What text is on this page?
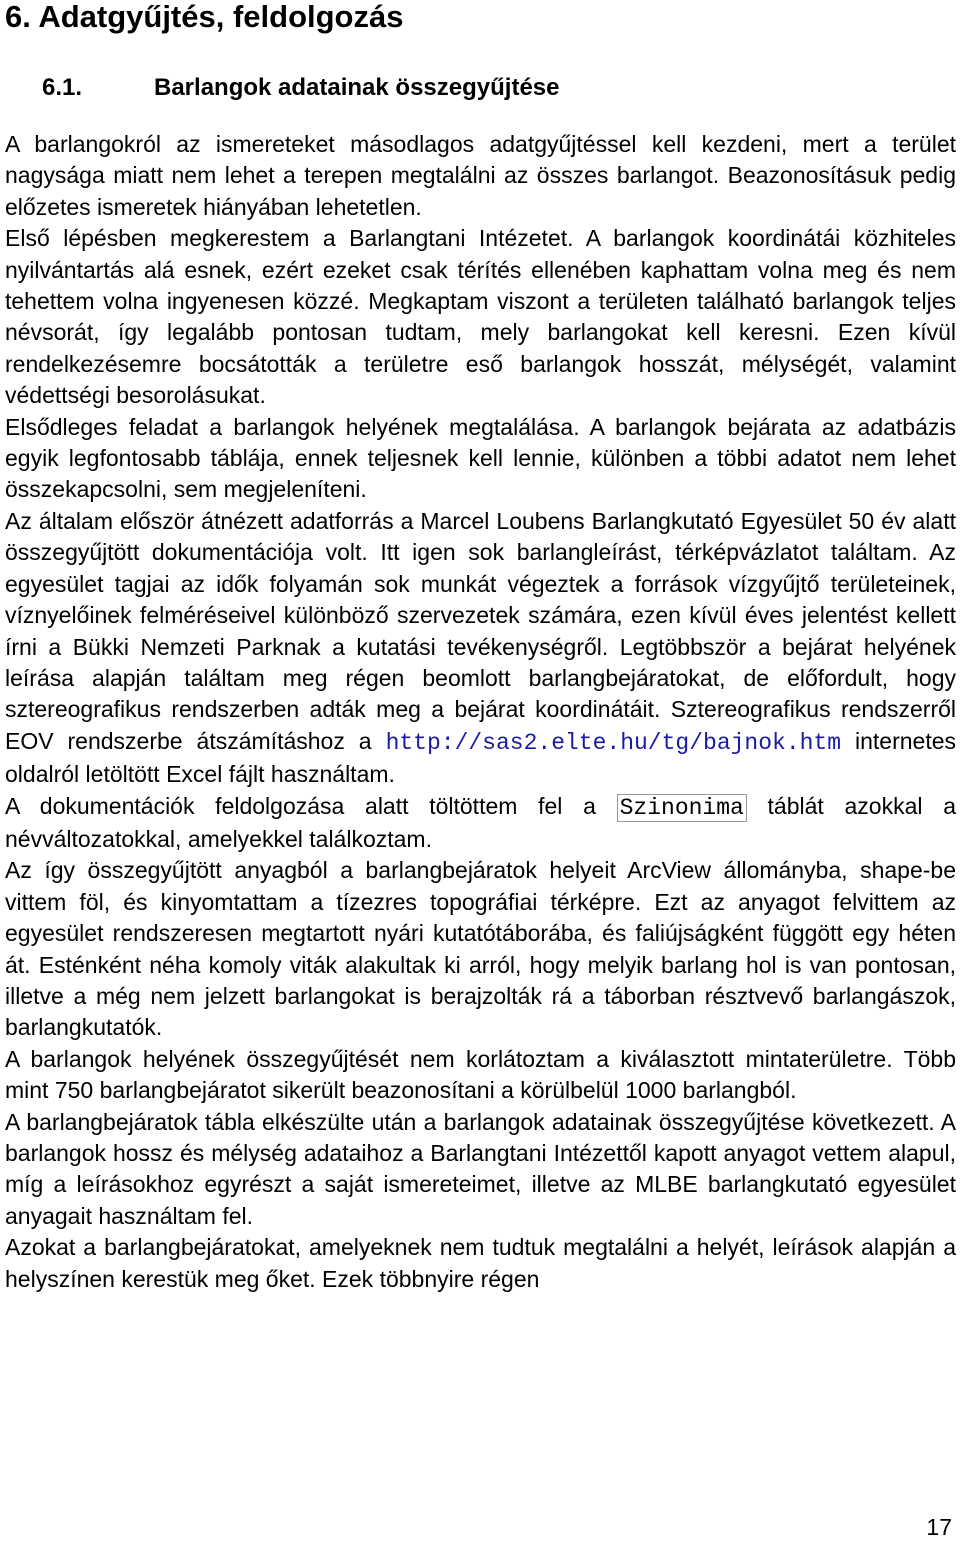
6. Adatgyűjtés, feldolgozás
6.1.	Barlangok adatainak összegyűjtése

A barlangokról az ismereteket másodlagos adatgyűjtéssel kell kezdeni, mert a terület nagysága miatt nem lehet a terepen megtalálni az összes barlangot. Beazonosításuk pedig előzetes ismeretek hiányában lehetetlen.

Első lépésben megkerestem a Barlangtani Intézetet. A barlangok koordinátái közhiteles nyilvántartás alá esnek, ezért ezeket csak térítés ellenében kaphattam volna meg és nem tehettem volna ingyenesen közzé. Megkaptam viszont a területen található barlangok teljes névsorát, így legalább pontosan tudtam, mely barlangokat kell keresni. Ezen kívül rendelkezésemre bocsátották a területre eső barlangok hosszát, mélységét, valamint védettségi besorolásukat.

Elsődleges feladat a barlangok helyének megtalálása. A barlangok bejárata az adatbázis egyik legfontosabb táblája, ennek teljesnek kell lennie, különben a többi adatot nem lehet összekapcsolni, sem megjeleníteni.

Az általam először átnézett adatforrás a Marcel Loubens Barlangkutató Egyesület 50 év alatt összegyűjtött dokumentációja volt. Itt igen sok barlangleírást, térképvázlatot találtam. Az egyesület tagjai az idők folyamán sok munkát végeztek a források vízgyűjtő területeinek, víznyelőinek felméréseivel különböző szervezetek számára, ezen kívül éves jelentést kellett írni a Bükki Nemzeti Parknak a kutatási tevékenységről. Legtöbbször a bejárat helyének leírása alapján találtam meg régen beomlott barlangbejáratokat, de előfordult, hogy sztereografikus rendszerben adták meg a bejárat koordinátáit. Sztereografikus rendszerről EOV rendszerbe átszámításhoz a http://sas2.elte.hu/tg/bajnok.htm internetes oldalról letöltött Excel fájlt használtam.

A dokumentációk feldolgozása alatt töltöttem fel a Szinonima táblát azokkal a névváltozatokkal, amelyekkel találkoztam.

Az így összegyűjtött anyagból a barlangbejáratok helyeit ArcView állományba, shape-be vittem föl, és kinyomtattam a tízezres topográfiai térképre. Ezt az anyagot felvittem az egyesület rendszeresen megtartott nyári kutatótáborába, és faliújságként függött egy héten át. Esténként néha komoly viták alakultak ki arról, hogy melyik barlang hol is van pontosan, illetve a még nem jelzett barlangokat is berajzolták rá a táborban résztvevő barlangászok, barlangkutatók.

A barlangok helyének összegyűjtését nem korlátoztam a kiválasztott mintaterületre. Több mint 750 barlangbejáratot sikerült beazonosítani a körülbelül 1000 barlangból.

A barlangbejáratok tábla elkészülte után a barlangok adatainak összegyűjtése következett. A barlangok hossz és mélység adataihoz a Barlangtani Intézettől kapott anyagot vettem alapul, míg a leírásokhoz egyrészt a saját ismereteimet, illetve az MLBE barlangkutató egyesület anyagait használtam fel.

Azokat a barlangbejáratokat, amelyeknek nem tudtuk megtalálni a helyét, leírások alapján a helyszínen kerestük meg őket. Ezek többnyire régen

17
